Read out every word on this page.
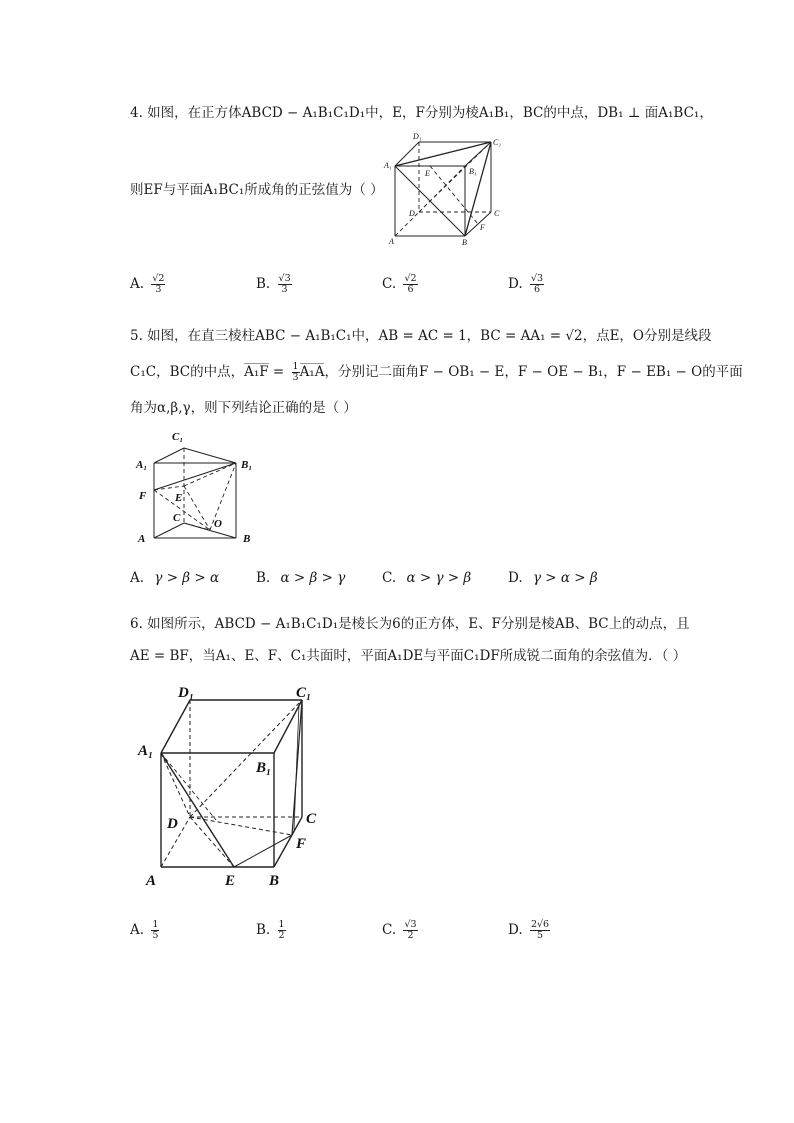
4. 如图，在正方体ABCD − A₁B₁C₁D₁中，E，F分别为棱A₁B₁，BC的中点，DB₁ ⊥ 面A₁BC₁，
D₁
C₁
A₁
E	B₁
D	C
F
A	B
则EF与平面A₁BC₁所成角的正弦值为（ ）
A. $\frac{√2}{3}$	B. $\frac{√3}{3}$	C. $\frac{√2}{6}$	D. $\frac{√3}{6}$
5. 如图，在直三棱柱ABC − A₁B₁C₁中，AB = AC = 1，BC = AA₁ = √2，点E，O分别是线段
C₁C，BC的中点，$A_1F = \frac{1}{3} A_1A$，分别记二面角F − OB₁ − E，F − OE − B₁，F − EB₁ − O的平面
角为α,β,γ，则下列结论正确的是（ ）
C₁
A₁	B₁
F	E
C	O
A	B
A. γ > β > α	B. α > β > γ	C. α > γ > β	D. γ > α > β
6. 如图所示，ABCD − A₁B₁C₁D₁是棱长为6的正方体，E、F分别是棱AB、BC上的动点，且
AE = BF，当A₁、E、F、C₁共面时，平面A₁DE与平面C₁DF所成锐二面角的余弦值为．（ ）
D₁	C₁
A₁
B₁
D	C
F
A	E B
A. $\frac{1}{5}$	B. $\frac{1}{2}$	C. $\frac{√3}{2}$	D. $\frac{2√6}{5}$
